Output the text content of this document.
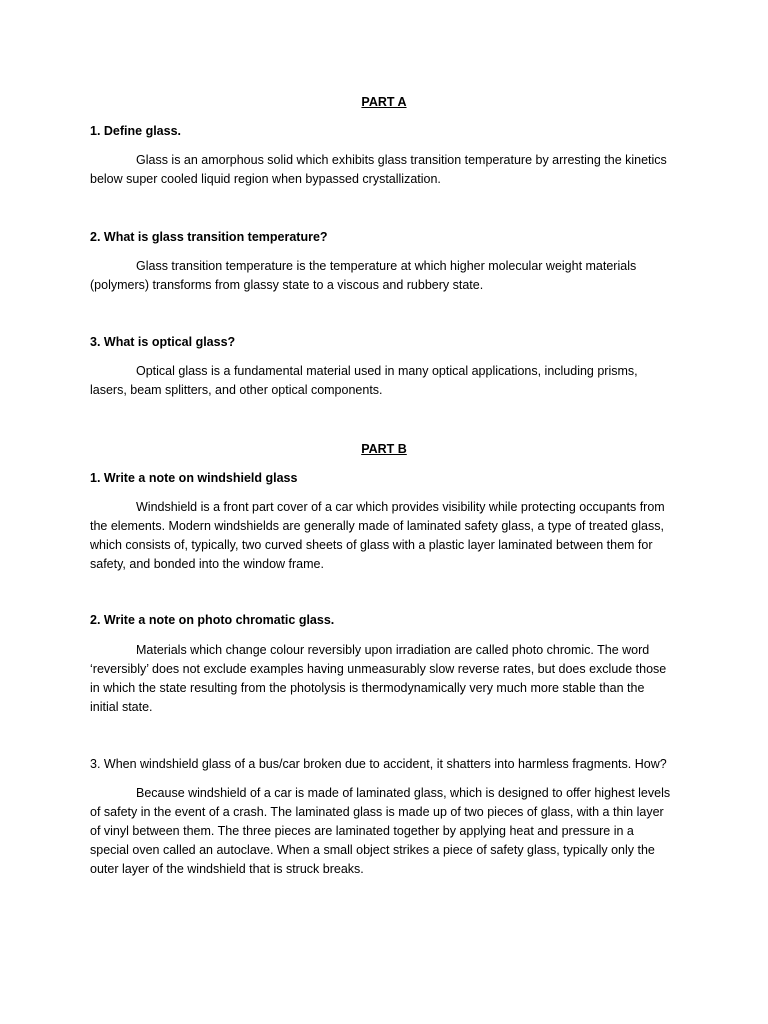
PART A
1. Define glass.

Glass is an amorphous solid which exhibits glass transition temperature by arresting the kinetics below super cooled liquid region when bypassed crystallization.

2. What is glass transition temperature?

Glass transition temperature is the temperature at which higher molecular weight materials (polymers) transforms from glassy state to a viscous and rubbery state.

3. What is optical glass?

Optical glass is a fundamental material used in many optical applications, including prisms, lasers, beam splitters, and other optical components.

PART B
1. Write a note on windshield glass

Windshield is a front part cover of a car which provides visibility while protecting occupants from the elements. Modern windshields are generally made of laminated safety glass, a type of treated glass, which consists of, typically, two curved sheets of glass with a plastic layer laminated between them for safety, and bonded into the window frame.

2. Write a note on photo chromatic glass.

Materials which change colour reversibly upon irradiation are called photo chromic. The word ‘reversibly’ does not exclude examples having unmeasurably slow reverse rates, but does exclude those in which the state resulting from the photolysis is thermodynamically very much more stable than the initial state.

3. When windshield glass of a bus/car broken due to accident, it shatters into harmless fragments. How?

Because windshield of a car is made of laminated glass, which is designed to offer highest levels of safety in the event of a crash. The laminated glass is made up of two pieces of glass, with a thin layer of vinyl between them. The three pieces are laminated together by applying heat and pressure in a special oven called an autoclave. When a small object strikes a piece of safety glass, typically only the outer layer of the windshield that is struck breaks.
